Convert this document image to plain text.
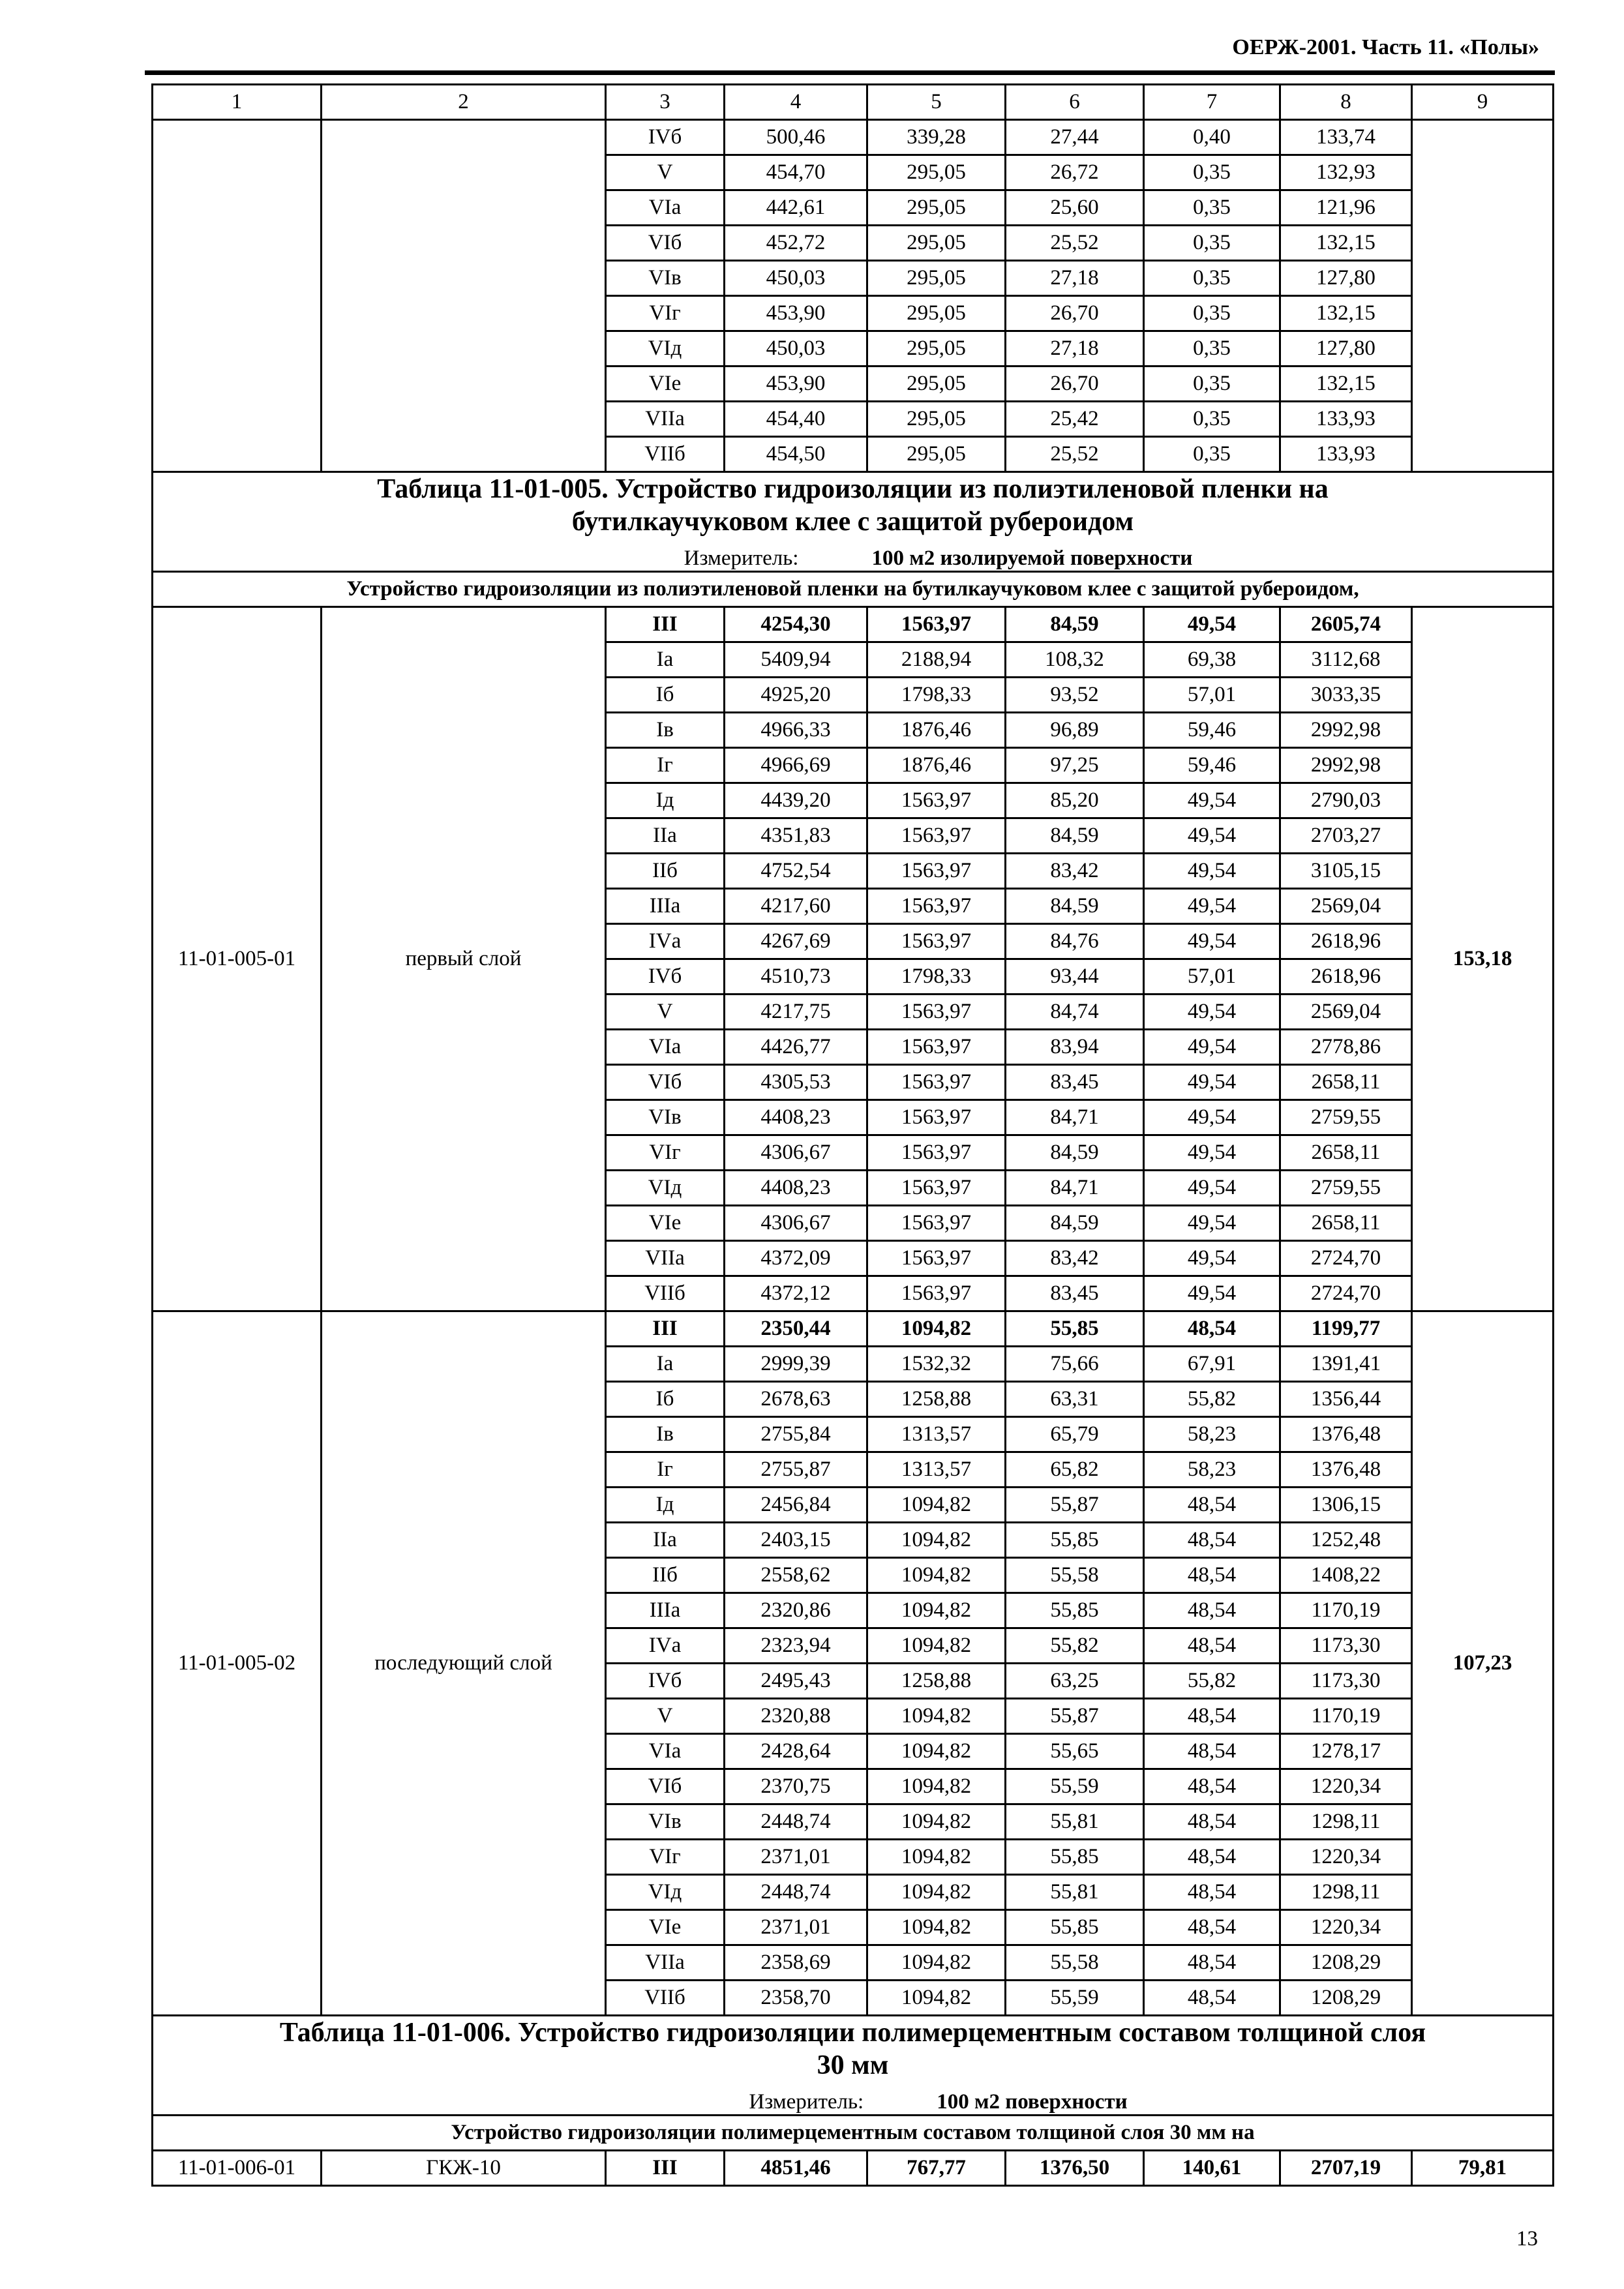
ОЕРЖ-2001. Часть 11. «Полы»
1	2	3	4	5	6	7	8	9
		IVб	500,46	339,28	27,44	0,40	133,74	
		V	454,70	295,05	26,72	0,35	132,93	
		VIа	442,61	295,05	25,60	0,35	121,96	
		VIб	452,72	295,05	25,52	0,35	132,15	
		VIв	450,03	295,05	27,18	0,35	127,80	
		VIг	453,90	295,05	26,70	0,35	132,15	
		VIд	450,03	295,05	27,18	0,35	127,80	
		VIе	453,90	295,05	26,70	0,35	132,15	
		VIIа	454,40	295,05	25,42	0,35	133,93	
		VIIб	454,50	295,05	25,52	0,35	133,93	

Таблица 11-01-005. Устройство гидроизоляции из полиэтиленовой пленки на
бутилкаучуковом клее с защитой рубероидом
Измеритель: 100 м2 изолируемой поверхности								

Устройство гидроизоляции из полиэтиленовой пленки на бутилкаучуковом клее с защитой рубероидом,								
11-01-005-01	первый слой	III	4254,30	1563,97	84,59	49,54	2605,74	153,18
		Iа	5409,94	2188,94	108,32	69,38	3112,68	
		Iб	4925,20	1798,33	93,52	57,01	3033,35	
		Iв	4966,33	1876,46	96,89	59,46	2992,98	
		Iг	4966,69	1876,46	97,25	59,46	2992,98	
		Iд	4439,20	1563,97	85,20	49,54	2790,03	
		IIа	4351,83	1563,97	84,59	49,54	2703,27	
		IIб	4752,54	1563,97	83,42	49,54	3105,15	
		IIIа	4217,60	1563,97	84,59	49,54	2569,04	
		IVа	4267,69	1563,97	84,76	49,54	2618,96	
		IVб	4510,73	1798,33	93,44	57,01	2618,96	
		V	4217,75	1563,97	84,74	49,54	2569,04	
		VIа	4426,77	1563,97	83,94	49,54	2778,86	
		VIб	4305,53	1563,97	83,45	49,54	2658,11	
		VIв	4408,23	1563,97	84,71	49,54	2759,55	
		VIг	4306,67	1563,97	84,59	49,54	2658,11	
		VIд	4408,23	1563,97	84,71	49,54	2759,55	
		VIе	4306,67	1563,97	84,59	49,54	2658,11	
		VIIа	4372,09	1563,97	83,42	49,54	2724,70	
		VIIб	4372,12	1563,97	83,45	49,54	2724,70	
11-01-005-02	последующий слой	III	2350,44	1094,82	55,85	48,54	1199,77	107,23
		Iа	2999,39	1532,32	75,66	67,91	1391,41	
		Iб	2678,63	1258,88	63,31	55,82	1356,44	
		Iв	2755,84	1313,57	65,79	58,23	1376,48	
		Iг	2755,87	1313,57	65,82	58,23	1376,48	
		Iд	2456,84	1094,82	55,87	48,54	1306,15	
		IIа	2403,15	1094,82	55,85	48,54	1252,48	
		IIб	2558,62	1094,82	55,58	48,54	1408,22	
		IIIа	2320,86	1094,82	55,85	48,54	1170,19	
		IVа	2323,94	1094,82	55,82	48,54	1173,30	
		IVб	2495,43	1258,88	63,25	55,82	1173,30	
		V	2320,88	1094,82	55,87	48,54	1170,19	
		VIа	2428,64	1094,82	55,65	48,54	1278,17	
		VIб	2370,75	1094,82	55,59	48,54	1220,34	
		VIв	2448,74	1094,82	55,81	48,54	1298,11	
		VIг	2371,01	1094,82	55,85	48,54	1220,34	
		VIд	2448,74	1094,82	55,81	48,54	1298,11	
		VIе	2371,01	1094,82	55,85	48,54	1220,34	
		VIIа	2358,69	1094,82	55,58	48,54	1208,29	
		VIIб	2358,70	1094,82	55,59	48,54	1208,29	

Таблица 11-01-006. Устройство гидроизоляции полимерцементным составом толщиной слоя
30 мм
Измеритель: 100 м2 поверхности								

Устройство гидроизоляции полимерцементным составом толщиной слоя 30 мм на								
11-01-006-01	ГКЖ-10	III	4851,46	767,77	1376,50	140,61	2707,19	79,81
13
